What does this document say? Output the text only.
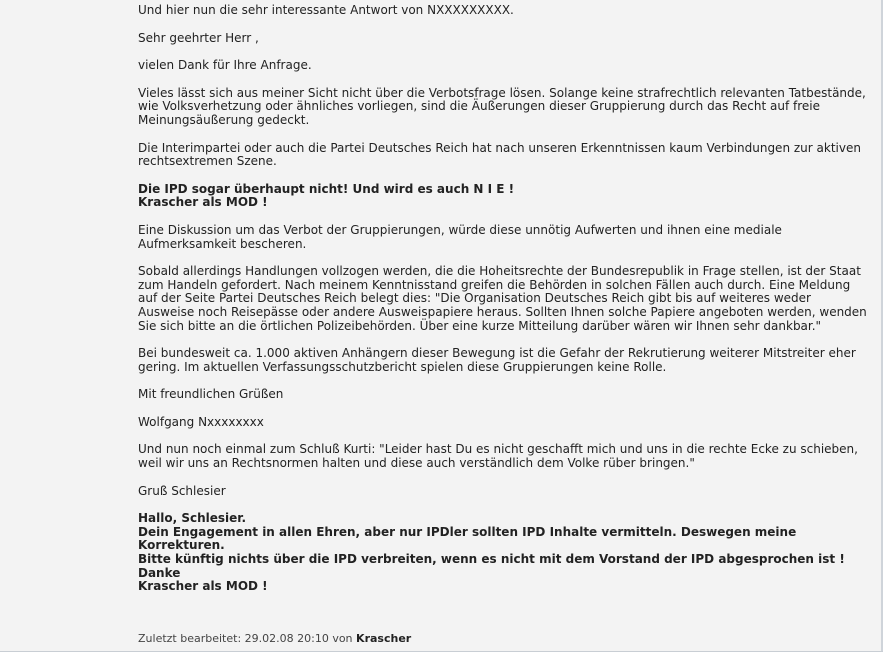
Und hier nun die sehr interessante Antwort von NXXXXXXXXX.

Sehr geehrter Herr ,

vielen Dank für Ihre Anfrage.

Vieles lässt sich aus meiner Sicht nicht über die Verbotsfrage lösen. Solange keine strafrechtlich relevanten Tatbestände, wie Volksverhetzung oder ähnliches vorliegen, sind die Äußerungen dieser Gruppierung durch das Recht auf freie Meinungsäußerung gedeckt.

Die Interimpartei oder auch die Partei Deutsches Reich hat nach unseren Erkenntnissen kaum Verbindungen zur aktiven rechtsextremen Szene.

Die IPD sogar überhaupt nicht! Und wird es auch N I E !
Krascher als MOD !

Eine Diskussion um das Verbot der Gruppierungen, würde diese unnötig Aufwerten und ihnen eine mediale Aufmerksamkeit bescheren.

Sobald allerdings Handlungen vollzogen werden, die die Hoheitsrechte der Bundesrepublik in Frage stellen, ist der Staat zum Handeln gefordert. Nach meinem Kenntnisstand greifen die Behörden in solchen Fällen auch durch. Eine Meldung auf der Seite Partei Deutsches Reich belegt dies: "Die Organisation Deutsches Reich gibt bis auf weiteres weder Ausweise noch Reisepässe oder andere Ausweispapiere heraus. Sollten Ihnen solche Papiere angeboten werden, wenden Sie sich bitte an die örtlichen Polizeibehörden. Über eine kurze Mitteilung darüber wären wir Ihnen sehr dankbar."

Bei bundesweit ca. 1.000 aktiven Anhängern dieser Bewegung ist die Gefahr der Rekrutierung weiterer Mitstreiter eher gering. Im aktuellen Verfassungsschutzbericht spielen diese Gruppierungen keine Rolle.

Mit freundlichen Grüßen

Wolfgang Nxxxxxxxx

Und nun noch einmal zum Schluß Kurti: "Leider hast Du es nicht geschafft mich und uns in die rechte Ecke zu schieben, weil wir uns an Rechtsnormen halten und diese auch verständlich dem Volke rüber bringen."

Gruß Schlesier

Hallo, Schlesier.
Dein Engagement in allen Ehren, aber nur IPDler sollten IPD Inhalte vermitteln. Deswegen meine Korrekturen.
Bitte künftig nichts über die IPD verbreiten, wenn es nicht mit dem Vorstand der IPD abgesprochen ist !
Danke
Krascher als MOD !

Zuletzt bearbeitet: 29.02.08 20:10 von Krascher
